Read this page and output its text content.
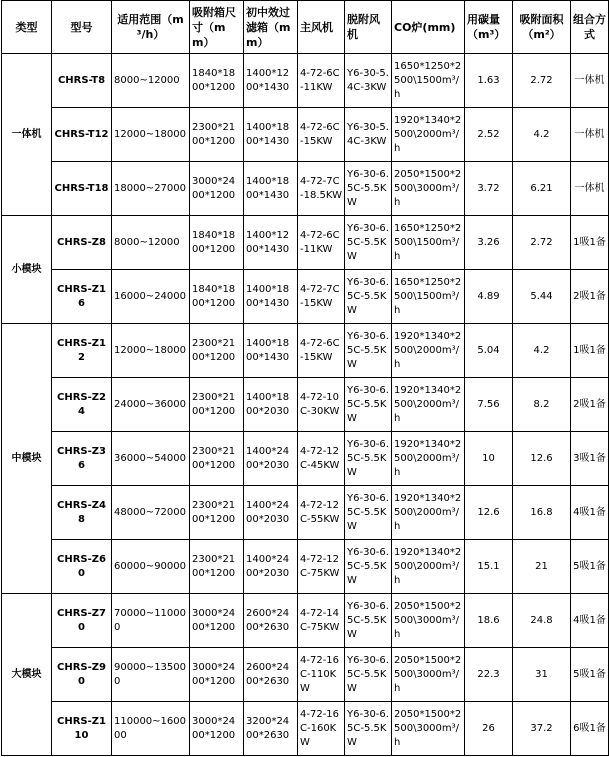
类型	型号	适用范围（m³/h）	吸附箱尺寸（mm）	初中效过滤箱（mm）	主风机	脱附风机	CO炉(mm)	用碳量（m³）	吸附面积（m²）	组合方式
一体机	CHRS-T8	8000~12000	1840*1800*1200	1400*1200*1430	4-72-6C-11KW	Y6-30-5.4C-3KW	1650*1250*2500\1500m³/h	1.63	2.72	一体机
	CHRS-T12	12000~18000	2300*2100*1200	1400*1800*1430	4-72-6C-15KW	Y6-30-5.4C-3KW	1920*1340*2500\2000m³/h	2.52	4.2	一体机
	CHRS-T18	18000~27000	3000*2400*1200	1400*1800*1430	4-72-7C-18.5KW	Y6-30-6.5C-5.5KW	2050*1500*2500\3000m³/h	3.72	6.21	一体机
小模块	CHRS-Z8	8000~12000	1840*1800*1200	1400*1200*1430	4-72-6C-11KW	Y6-30-6.5C-5.5KW	1650*1250*2500\1500m³/h	3.26	2.72	1吸1备
	CHRS-Z16	16000~24000	1840*1800*1200	1400*1800*1430	4-72-7C-15KW	Y6-30-6.5C-5.5KW	1650*1250*2500\1500m³/h	4.89	5.44	2吸1备
中模块	CHRS-Z12	12000~18000	2300*2100*1200	1400*1800*1430	4-72-6C-15KW	Y6-30-6.5C-5.5KW	1920*1340*2500\2000m³/h	5.04	4.2	1吸1备
	CHRS-Z24	24000~36000	2300*2100*1200	1400*1800*2030	4-72-10C-30KW	Y6-30-6.5C-5.5KW	1920*1340*2500\2000m³/h	7.56	8.2	2吸1备
	CHRS-Z36	36000~54000	2300*2100*1200	1400*2400*2030	4-72-12C-45KW	Y6-30-6.5C-5.5KW	1920*1340*2500\2000m³/h	10	12.6	3吸1备
	CHRS-Z48	48000~72000	2300*2100*1200	1400*2400*2030	4-72-12C-55KW	Y6-30-6.5C-5.5KW	1920*1340*2500\2000m³/h	12.6	16.8	4吸1备
	CHRS-Z60	60000~90000	2300*2100*1200	1400*2400*2030	4-72-12C-75KW	Y6-30-6.5C-5.5KW	1920*1340*2500\2000m³/h	15.1	21	5吸1备
大模块	CHRS-Z70	70000~110000	3000*2400*1200	2600*2400*2630	4-72-14C-75KW	Y6-30-6.5C-5.5KW	2050*1500*2500\3000m³/h	18.6	24.8	4吸1备
	CHRS-Z90	90000~135000	3000*2400*1200	2600*2400*2630	4-72-16C-110KW	Y6-30-6.5C-5.5KW	2050*1500*2500\3000m³/h	22.3	31	5吸1备
	CHRS-Z110	110000~160000	3000*2400*1200	3200*2400*2630	4-72-16C-160KW	Y6-30-6.5C-5.5KW	2050*1500*2500\3000m³/h	26	37.2	6吸1备
